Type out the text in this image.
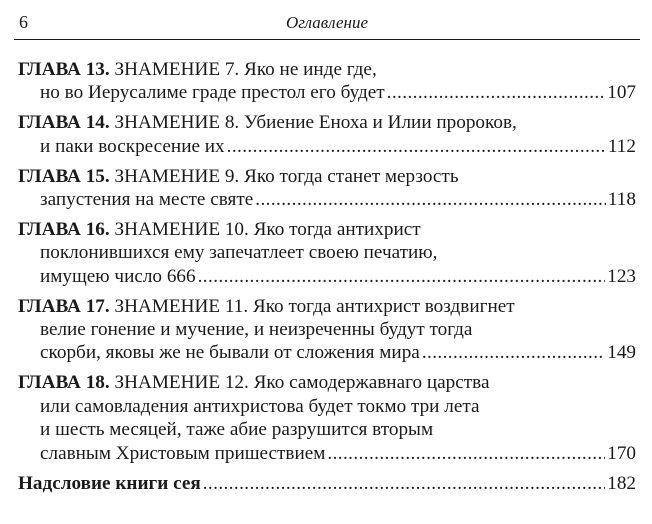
6	Оглавление
ГЛАВА 13. ЗНАМЕНИЕ 7. Яко не инде где,
но во Иерусалиме граде престол его будет . . .	107
ГЛАВА 14. ЗНАМЕНИЕ 8. Убиение Еноха и Илии пророков,
и паки воскресение их . . .	112
ГЛАВА 15. ЗНАМЕНИЕ 9. Яко тогда станет мерзость
запустения на месте святе . . .	118
ГЛАВА 16. ЗНАМЕНИЕ 10. Яко тогда антихрист
поклонившихся ему запечатлеет своею печатию,
имущею число 666 . . .	123
ГЛАВА 17. ЗНАМЕНИЕ 11. Яко тогда антихрист воздвигнет
велие гонение и мучение, и неизреченны будут тогда
скорби, яковы же не бывали от сложения мира . . .	149
ГЛАВА 18. ЗНАМЕНИЕ 12. Яко самодержавнаго царства
или самовладения антихристова будет токмо три лета
и шесть месяцей, таже абие разрушится вторым
славным Христовым пришествием . . .	170
Надсловие книги сея . . .	182
